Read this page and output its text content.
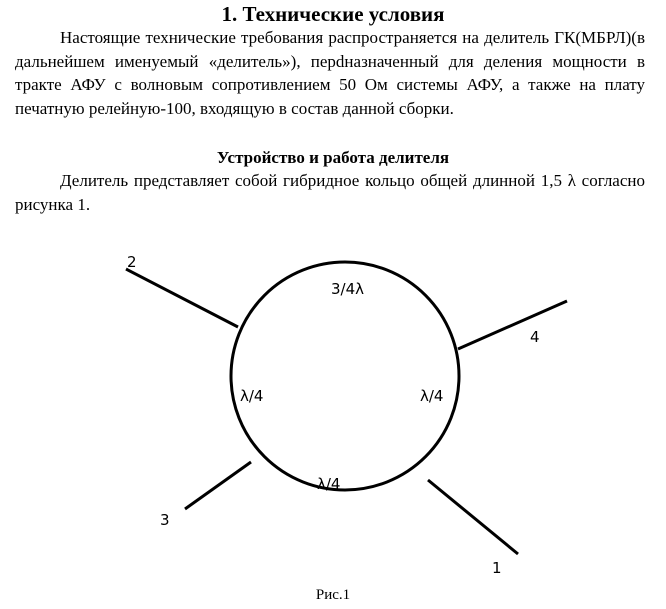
1. Технические условия

Настоящие технические требования распространяется на делитель ГК(МБРЛ)(в дальнейшем именуемый «делитель»), перdназначенный для деления мощности в тракте АФУ с волновым сопротивлением 50 Ом системы АФУ, а также на плату печатную релейную-100, входящую в состав данной сборки.

Устройство и работа делителя

Делитель представляет собой гибридное кольцо общей длинной 1,5 λ согласно рисунка 1.

3/4λ
λ/4	λ/4
λ/4
2
4
3
1
Рис.1
